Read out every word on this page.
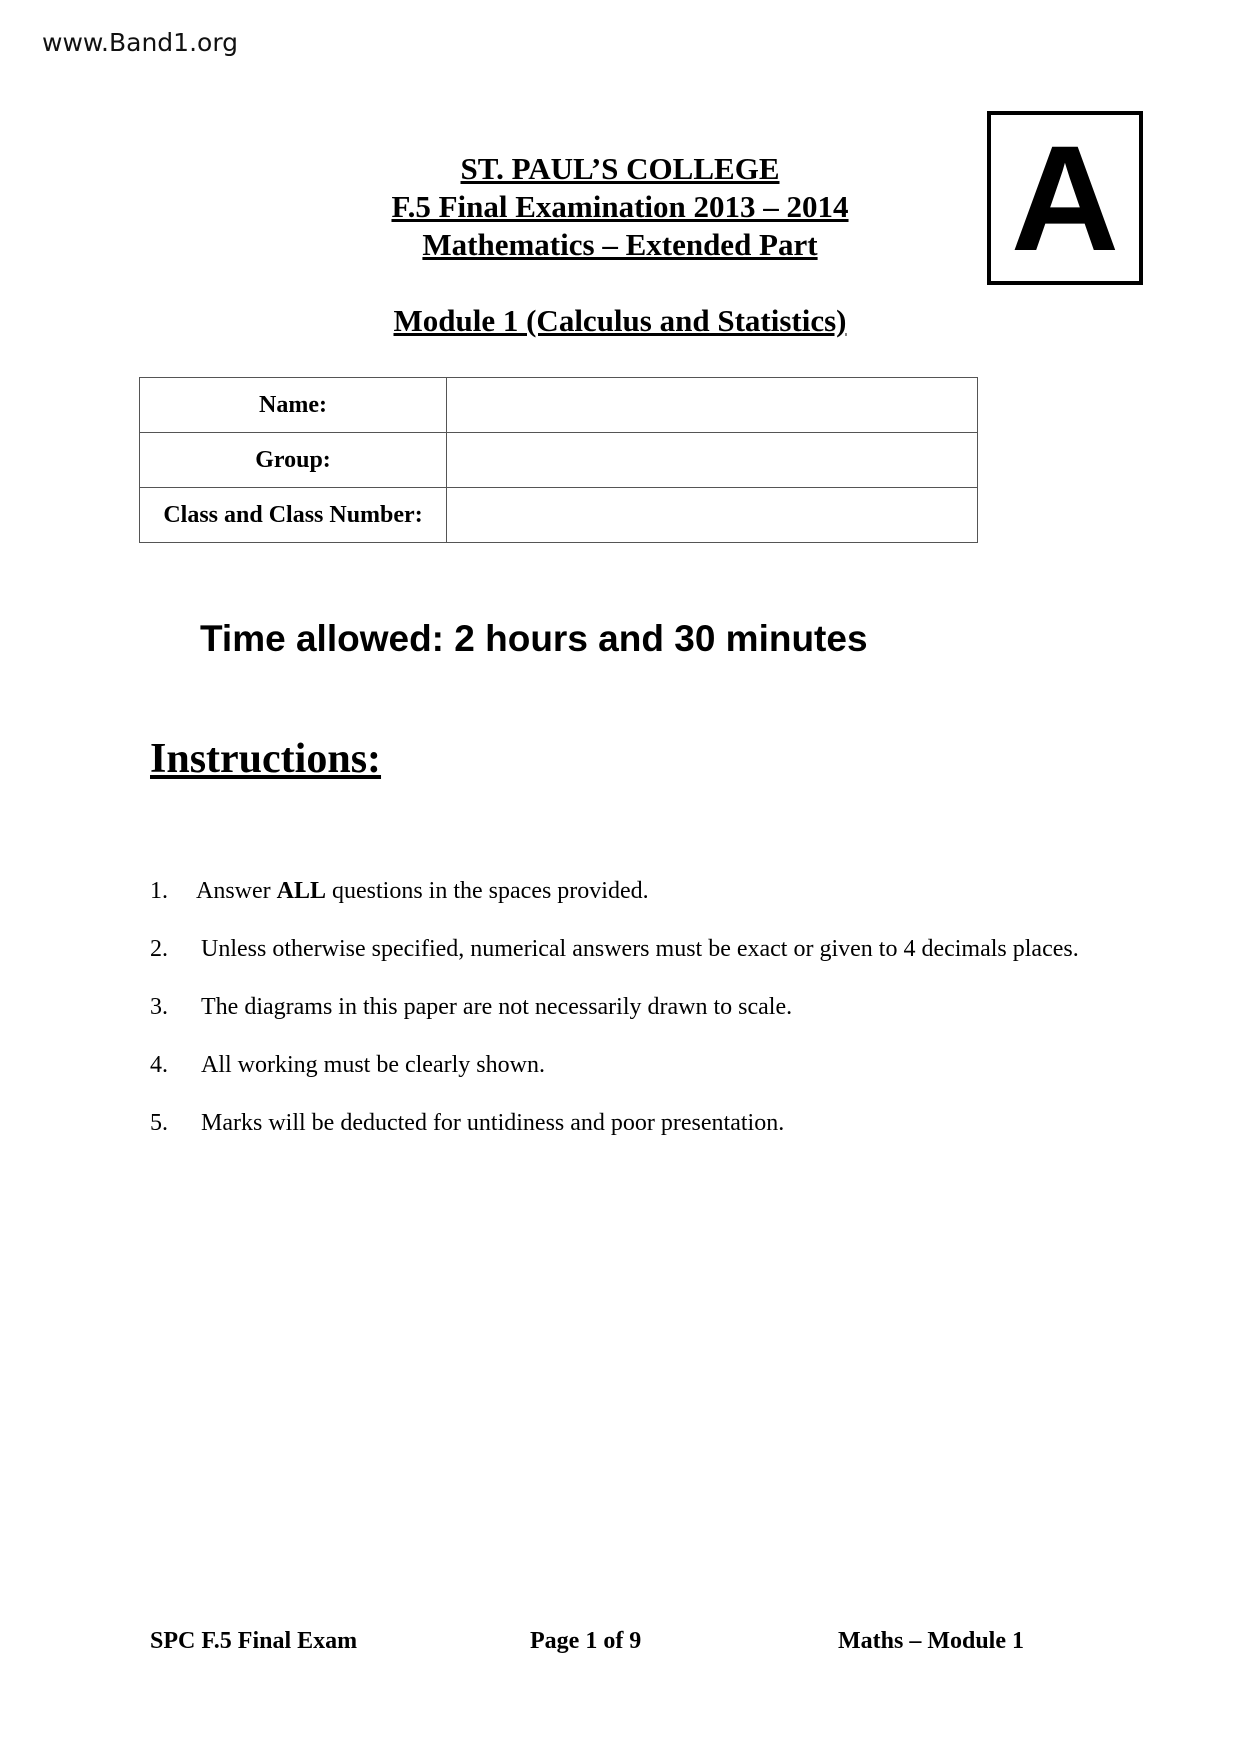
www.Band1.org
ST. PAUL’S COLLEGE
F.5 Final Examination 2013 – 2014
Mathematics – Extended Part
Module 1 (Calculus and Statistics)
A
Name:	
Group:	
Class and Class Number:	
Time allowed: 2 hours and 30 minutes
Instructions:
1. Answer ALL questions in the spaces provided.
2. Unless otherwise specified, numerical answers must be exact or given to 4 decimals places.
3. The diagrams in this paper are not necessarily drawn to scale.
4. All working must be clearly shown.
5. Marks will be deducted for untidiness and poor presentation.
SPC F.5 Final Exam	Page 1 of 9	Maths – Module 1
